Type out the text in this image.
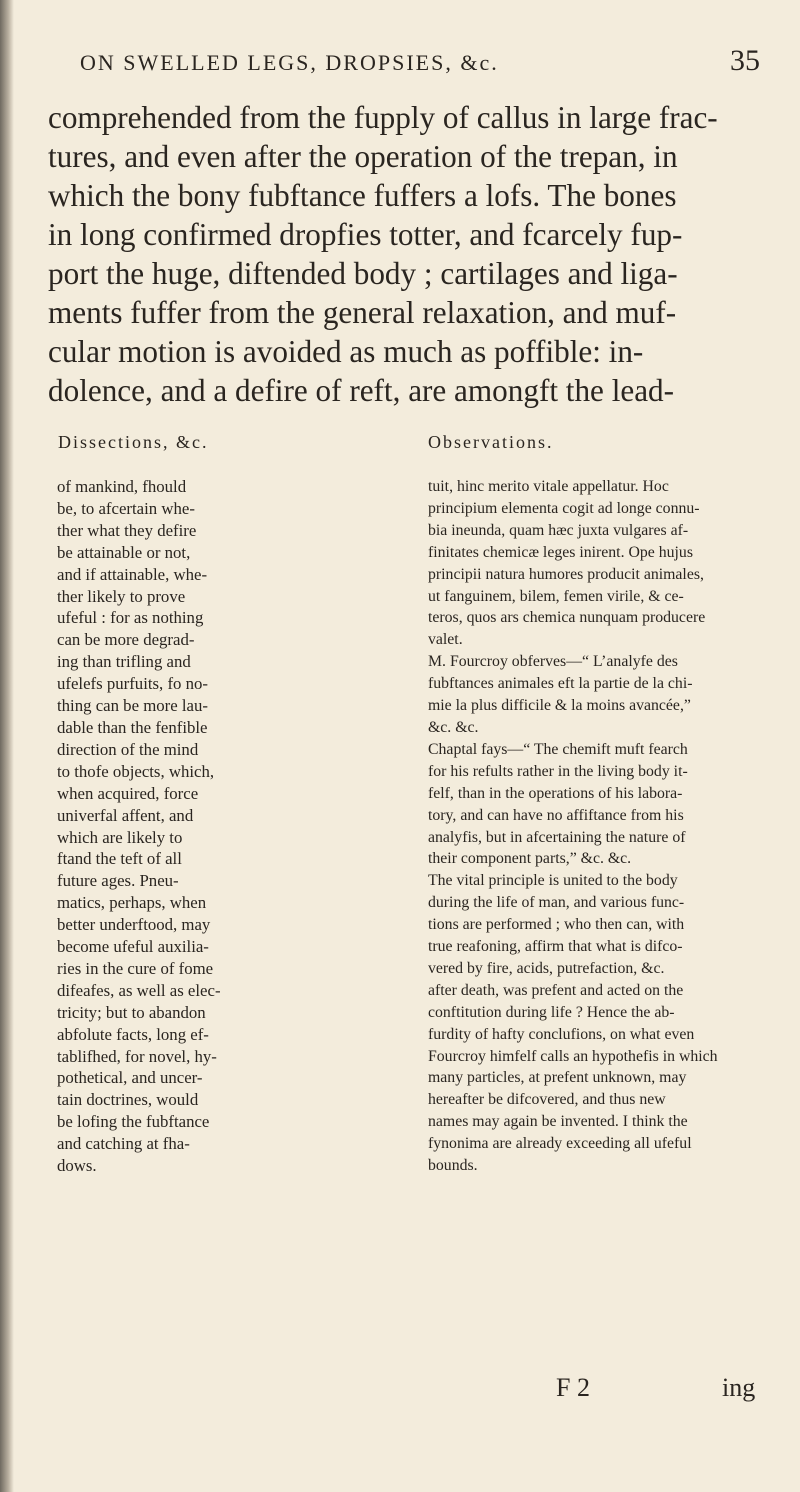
ON SWELLED LEGS, DROPSIES, &c.	35
comprehended from the fupply of callus in large frac-
tures, and even after the operation of the trepan, in
which the bony fubftance fuffers a lofs. The bones
in long confirmed dropfies totter, and fcarcely fup-
port the huge, diftended body ; cartilages and liga-
ments fuffer from the general relaxation, and muf-
cular motion is avoided as much as poffible: in-
dolence, and a defire of reft, are amongft the lead-
Dissections, &c.	Observations.
of mankind, fhould
be, to afcertain whe-
ther what they defire
be attainable or not,
and if attainable, whe-
ther likely to prove
ufeful : for as nothing
can be more degrad-
ing than trifling and
ufelefs purfuits, fo no-
thing can be more lau-
dable than the fenfible
direction of the mind
to thofe objects, which,
when acquired, force
univerfal affent, and
which are likely to
ftand the teft of all
future ages. Pneu-
matics, perhaps, when
better underftood, may
become ufeful auxilia-
ries in the cure of fome
difeafes, as well as elec-
tricity; but to abandon
abfolute facts, long ef-
tablifhed, for novel, hy-
pothetical, and uncer-
tain doctrines, would
be lofing the fubftance
and catching at fha-
dows.
tuit, hinc merito vitale appellatur. Hoc
principium elementa cogit ad longe connu-
bia ineunda, quam hæc juxta vulgares af-
finitates chemicæ leges inirent. Ope hujus
principii natura humores producit animales,
ut fanguinem, bilem, femen virile, & ce-
teros, quos ars chemica nunquam producere
valet.
M. Fourcroy obferves—“ L’analyfe des
fubftances animales eft la partie de la chi-
mie la plus difficile & la moins avancée,”
&c. &c.
Chaptal fays—“ The chemift muft fearch
for his refults rather in the living body it-
felf, than in the operations of his labora-
tory, and can have no affiftance from his
analyfis, but in afcertaining the nature of
their component parts,” &c. &c.
The vital principle is united to the body
during the life of man, and various func-
tions are performed ; who then can, with
true reafoning, affirm that what is difco-
vered by fire, acids, putrefaction, &c.
after death, was prefent and acted on the
conftitution during life ? Hence the ab-
furdity of hafty conclufions, on what even
Fourcroy himfelf calls an hypothefis in which
many particles, at prefent unknown, may
hereafter be difcovered, and thus new
names may again be invented. I think the
fynonima are already exceeding all ufeful
bounds.
F 2	ing
